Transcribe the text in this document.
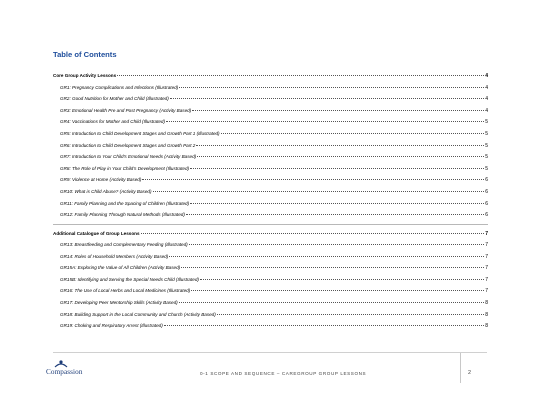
Table of Contents
Core Group Activity Lessons	4
GR1: Pregnancy Complications and Infections (Illustrated)	4
GR2: Good Nutrition for Mother and Child (Illustrated)	4
GR3: Emotional Health Pre and Post Pregnancy (Activity Based)	4
GR4: Vaccinations for Mother and Child (Illustrated)	5
GR5: Introduction to Child Development Stages and Growth Part 1 (Illustrated)	5
GR6: Introduction to Child Development Stages and Growth Part 2	5
GR7: Introduction to Your Child’s Emotional Needs (Activity Based)	5
GR8: The Role of Play in Your Child’s Development (Illustrated)	5
GR9: Violence at Home (Activity Based)	6
GR10: What is Child Abuse? (Activity Based)	6
GR11: Family Planning and the Spacing of Children (Illustrated)	6
GR12: Family Planning Through Natural Methods (Illustrated)	6
Additional Catalogue of Group Lessons	7
GR13: Breastfeeding and Complementary Feeding (Illustrated)	7
GR14: Roles of Household Members (Activity Based)	7
GR15A: Exploring the Value of All Children (Activity Based)	7
GR15B: Identifying and Serving the Special Needs Child (Illustrated)	7
GR16: The Use of Local Herbs and Local Medicines (Illustrated)	7
GR17: Developing Peer Mentorship Skills (Activity Based)	8
GR18: Building Support in the Local Community and Church (Activity Based)	8
GR19: Choking and Respiratory Arrest (Illustrated)	8
Compassion	0-1 SCOPE AND SEQUENCE – CAREGROUP GROUP LESSONS	2
